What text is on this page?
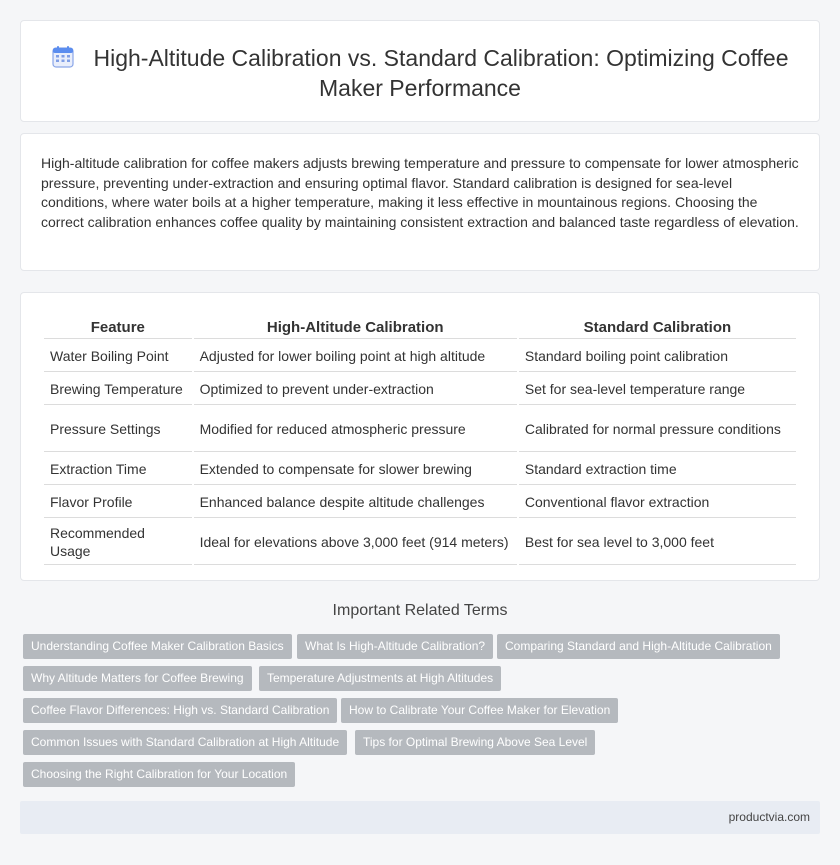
High-Altitude Calibration vs. Standard Calibration: Optimizing Coffee Maker Performance

High-altitude calibration for coffee makers adjusts brewing temperature and pressure to compensate for lower atmospheric pressure, preventing under-extraction and ensuring optimal flavor. Standard calibration is designed for sea-level conditions, where water boils at a higher temperature, making it less effective in mountainous regions. Choosing the correct calibration enhances coffee quality by maintaining consistent extraction and balanced taste regardless of elevation.

Feature	High-Altitude Calibration	Standard Calibration
Water Boiling Point	Adjusted for lower boiling point at high altitude	Standard boiling point calibration
Brewing Temperature	Optimized to prevent under-extraction	Set for sea-level temperature range
Pressure Settings	Modified for reduced atmospheric pressure	Calibrated for normal pressure conditions
Extraction Time	Extended to compensate for slower brewing	Standard extraction time
Flavor Profile	Enhanced balance despite altitude challenges	Conventional flavor extraction
Recommended Usage	Ideal for elevations above 3,000 feet (914 meters)	Best for sea level to 3,000 feet
Important Related Terms
Understanding Coffee Maker Calibration Basics	What Is High-Altitude Calibration?	Comparing Standard and High-Altitude Calibration
Why Altitude Matters for Coffee Brewing	Temperature Adjustments at High Altitudes
Coffee Flavor Differences: High vs. Standard Calibration	How to Calibrate Your Coffee Maker for Elevation
Common Issues with Standard Calibration at High Altitude	Tips for Optimal Brewing Above Sea Level
Choosing the Right Calibration for Your Location
productvia.com
